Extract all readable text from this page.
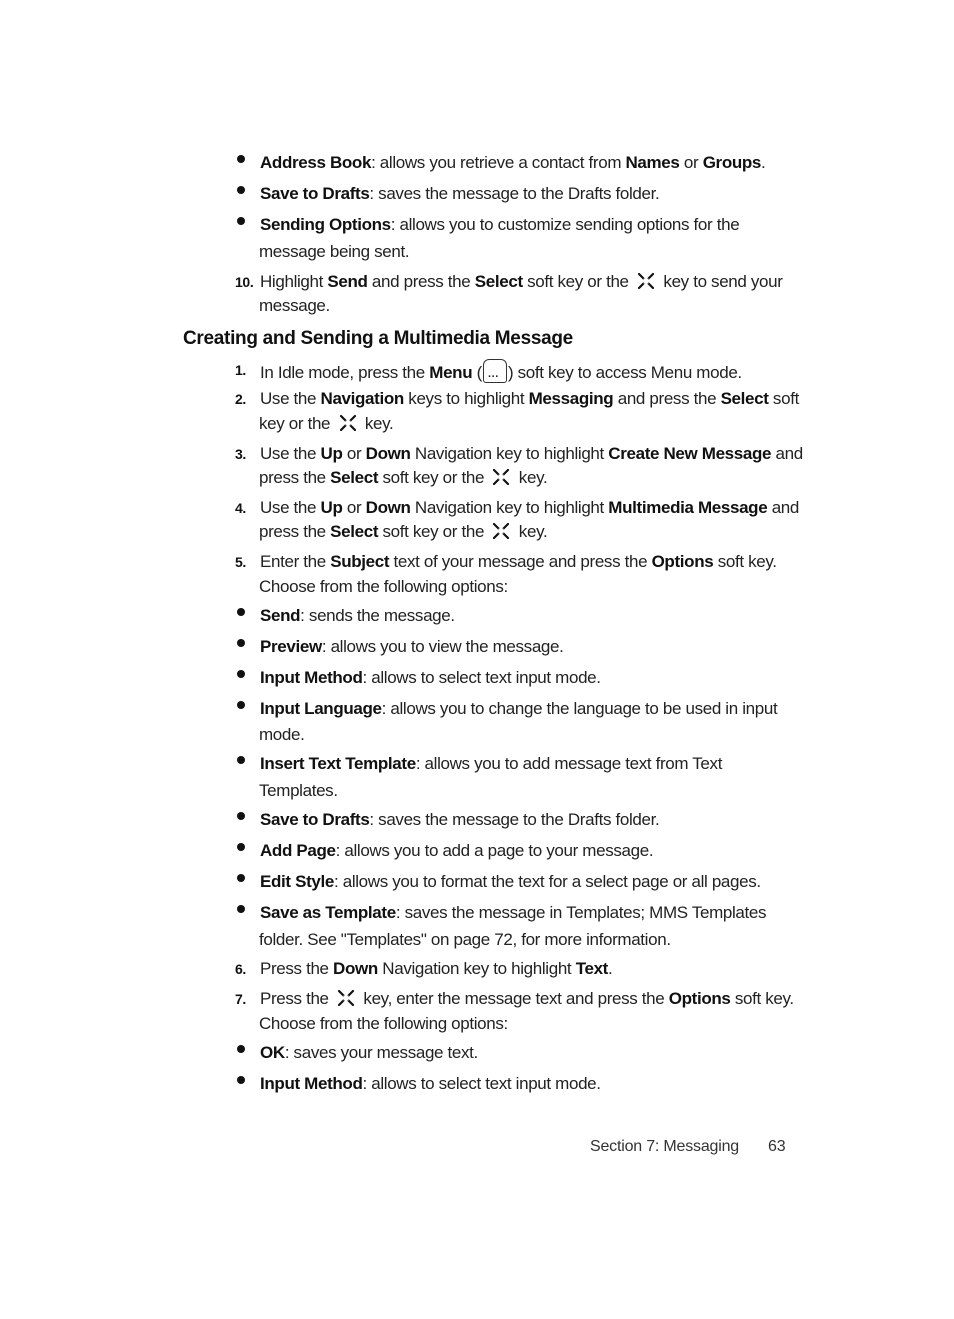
Address Book: allows you retrieve a contact from Names or Groups.
Save to Drafts: saves the message to the Drafts folder.
Sending Options: allows you to customize sending options for the
message being sent.
10. Highlight Send and press the Select soft key or the  key to send your
message.
Creating and Sending a Multimedia Message
1. In Idle mode, press the Menu ( ··· ) soft key to access Menu mode.
2. Use the Navigation keys to highlight Messaging and press the Select soft
key or the  key.
3. Use the Up or Down Navigation key to highlight Create New Message and
press the Select soft key or the  key.
4. Use the Up or Down Navigation key to highlight Multimedia Message and
press the Select soft key or the  key.
5. Enter the Subject text of your message and press the Options soft key.
Choose from the following options:
Send: sends the message.
Preview: allows you to view the message.
Input Method: allows to select text input mode.
Input Language: allows you to change the language to be used in input
mode.
Insert Text Template: allows you to add message text from Text
Templates.
Save to Drafts: saves the message to the Drafts folder.
Add Page: allows you to add a page to your message.
Edit Style: allows you to format the text for a select page or all pages.
Save as Template: saves the message in Templates; MMS Templates
folder. See "Templates" on page 72, for more information.
6. Press the Down Navigation key to highlight Text.
7. Press the  key, enter the message text and press the Options soft key.
Choose from the following options:
OK: saves your message text.
Input Method: allows to select text input mode.
Section 7: Messaging 63
